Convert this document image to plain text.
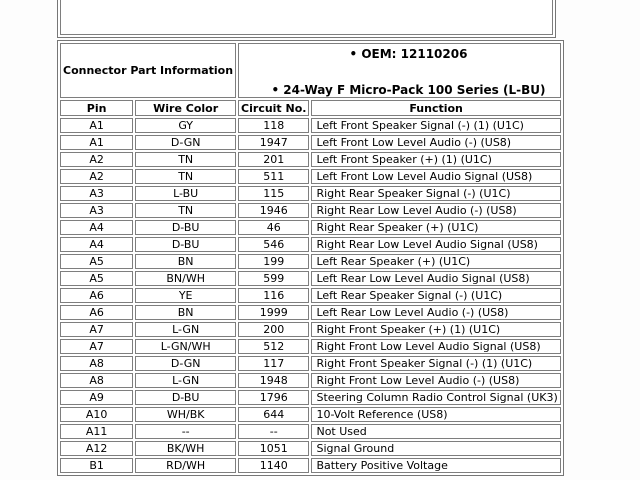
Connector Part Information	
• OEM: 12110206
• 24-Way F Micro-Pack 100 Series (L-BU)

Pin	Wire Color	Circuit No.	Function
A1	GY	118	Left Front Speaker Signal (-) (1) (U1C)
A1	D-GN	1947	Left Front Low Level Audio (-) (US8)
A2	TN	201	Left Front Speaker (+) (1) (U1C)
A2	TN	511	Left Front Low Level Audio Signal (US8)
A3	L-BU	115	Right Rear Speaker Signal (-) (U1C)
A3	TN	1946	Right Rear Low Level Audio (-) (US8)
A4	D-BU	46	Right Rear Speaker (+) (U1C)
A4	D-BU	546	Right Rear Low Level Audio Signal (US8)
A5	BN	199	Left Rear Speaker (+) (U1C)
A5	BN/WH	599	Left Rear Low Level Audio Signal (US8)
A6	YE	116	Left Rear Speaker Signal (-) (U1C)
A6	BN	1999	Left Rear Low Level Audio (-) (US8)
A7	L-GN	200	Right Front Speaker (+) (1) (U1C)
A7	L-GN/WH	512	Right Front Low Level Audio Signal (US8)
A8	D-GN	117	Right Front Speaker Signal (-) (1) (U1C)
A8	L-GN	1948	Right Front Low Level Audio (-) (US8)
A9	D-BU	1796	Steering Column Radio Control Signal (UK3)
A10	WH/BK	644	10-Volt Reference (US8)
A11	--	--	Not Used
A12	BK/WH	1051	Signal Ground
B1	RD/WH	1140	Battery Positive Voltage
